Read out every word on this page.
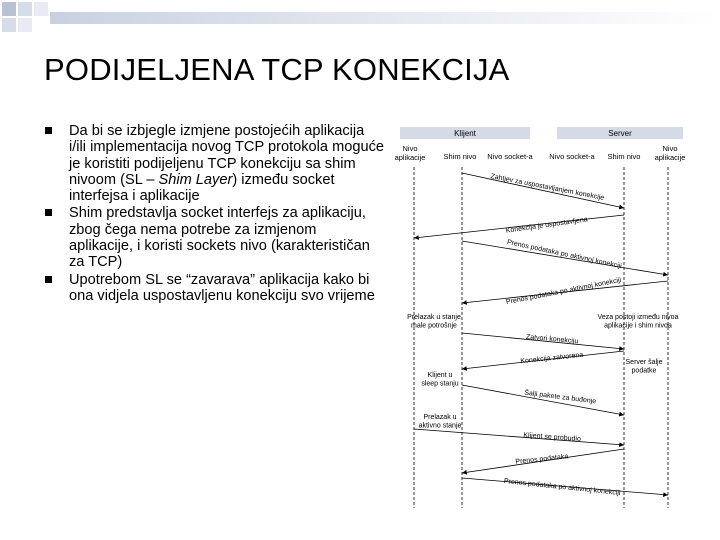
PODIJELJENA TCP KONEKCIJA
Da bi se izbjegle izmjene postojećih aplikacija i/ili implementacija novog TCP protokola moguće je koristiti podijeljenu TCP konekciju sa shim nivoom (SL – Shim Layer) između socket interfejsa i aplikacije
Shim predstavlja socket interfejs za aplikaciju, zbog čega nema potrebe za izmjenom aplikacije, i koristi sockets nivo (karakterističan za TCP)
Upotrebom SL se “zavarava” aplikacija kako bi ona vidjela uspostavljenu konekciju svo vrijeme
Klijent	Server
Nivo
aplikacije Shim nivo Nivo socket-a Nivo socket-a Shim nivo
Nivo
aplikacije
Zahtjev za uspostavljanjem konekcije
Konekcija je uspostavljena
Prenos podataka po aktivnoj konekciji
Prenos podataka po aktivnoj konekciji
Zatvori konekciju
Konekcija zatvorena
Šalji pakete za buđenje
Klijent se probudio
Prenos podataka
Prenos podataka po aktivnoj konekciji
Prelazak u stanje
male potrošnje
Veza postoji između nivoa
aplikacije i shim nivoa
Server šalje
podatke
Klijent u
sleep stanju
Prelazak u
aktivno stanje
